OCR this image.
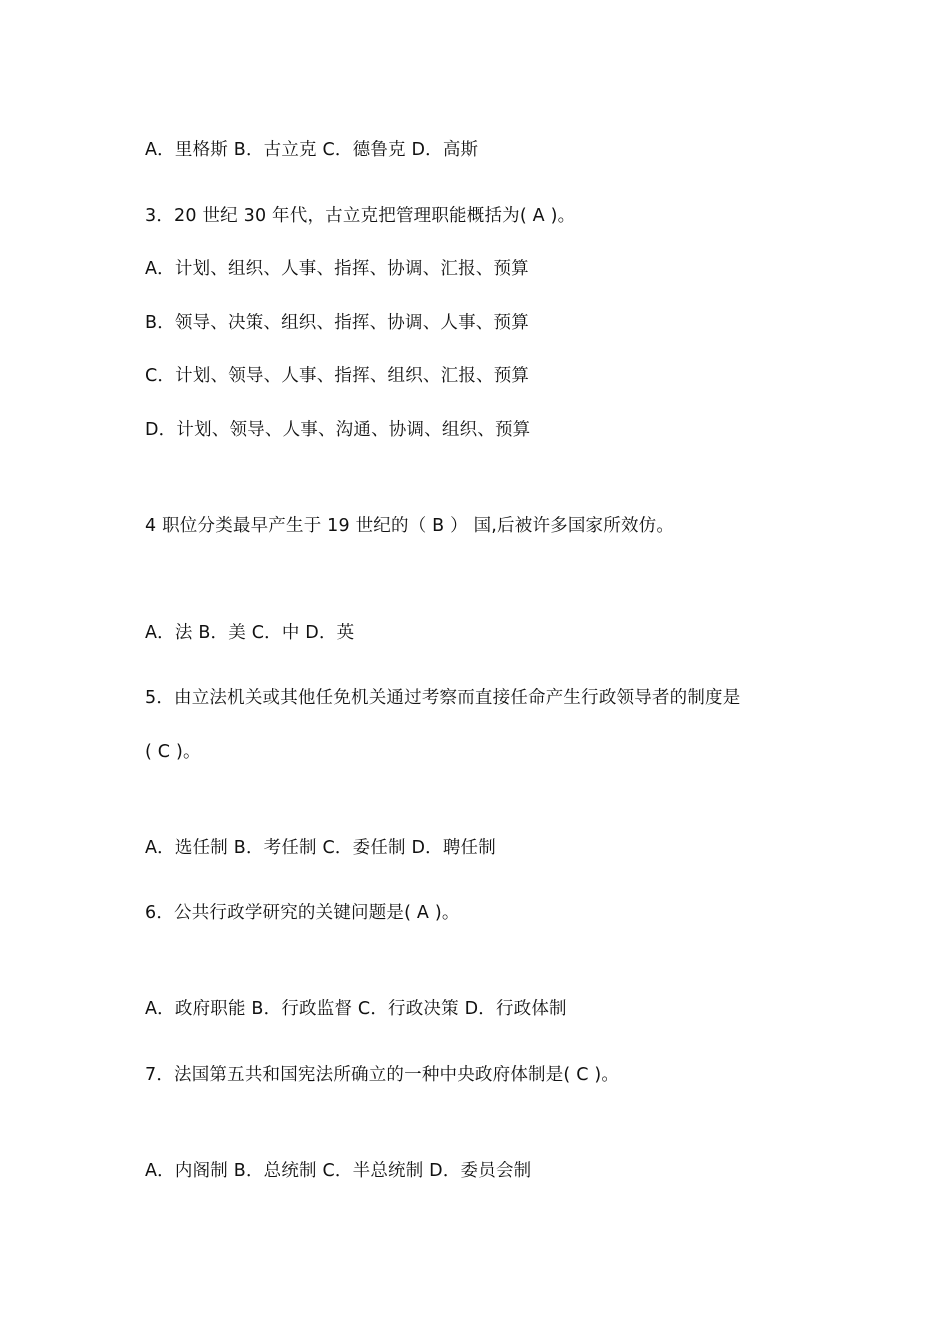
A．里格斯 B．古立克 C．德鲁克 D．高斯
3．20 世纪 30 年代，古立克把管理职能概括为( A )。
A．计划、组织、人事、指挥、协调、汇报、预算
B．领导、决策、组织、指挥、协调、人事、预算
C．计划、领导、人事、指挥、组织、汇报、预算
D．计划、领导、人事、沟通、协调、组织、预算
4 职位分类最早产生于 19 世纪的（ B ） 国,后被许多国家所效仿。
A．法 B．美 C．中 D．英
5．由立法机关或其他任免机关通过考察而直接任命产生行政领导者的制度是
( C )。
A．选任制 B．考任制 C．委任制 D．聘任制
6．公共行政学研究的关键问题是( A )。
A．政府职能 B．行政监督 C．行政决策 D．行政体制
7．法国第五共和国宪法所确立的一种中央政府体制是( C )。
A．内阁制 B．总统制 C．半总统制 D．委员会制
